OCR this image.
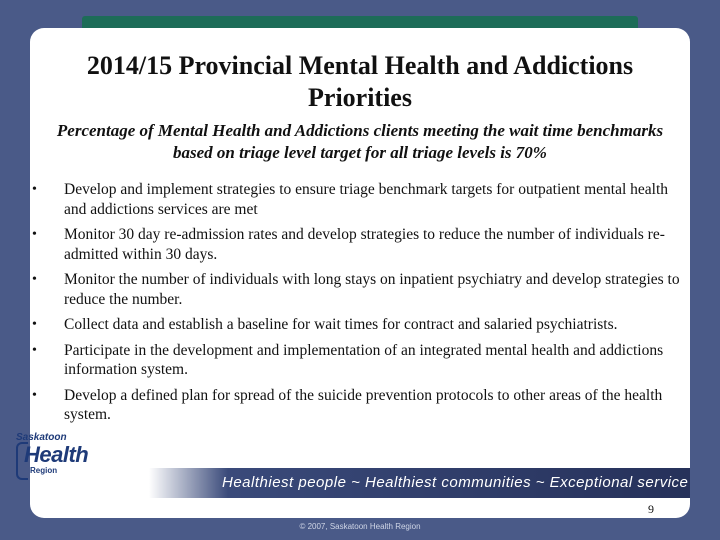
2014/15 Provincial Mental Health and Addictions Priorities

Percentage of Mental Health and Addictions clients meeting the wait time benchmarks based on triage level target for all triage levels is 70%

• Develop and implement strategies to ensure triage benchmark targets for outpatient mental health and addictions services are met
• Monitor 30 day re-admission rates and develop strategies to reduce the number of individuals re-admitted within 30 days.
• Monitor the number of individuals with long stays on inpatient psychiatry and develop strategies to reduce the number.
• Collect data and establish a baseline for wait times for contract and salaried psychiatrists.
• Participate in the development and implementation of an integrated mental health and addictions information system.
• Develop a defined plan for spread of the suicide prevention protocols to other areas of the health system.
Healthiest people ~ Healthiest communities ~ Exceptional service
9
Saskatoon
Health
Region
© 2007, Saskatoon Health Region
